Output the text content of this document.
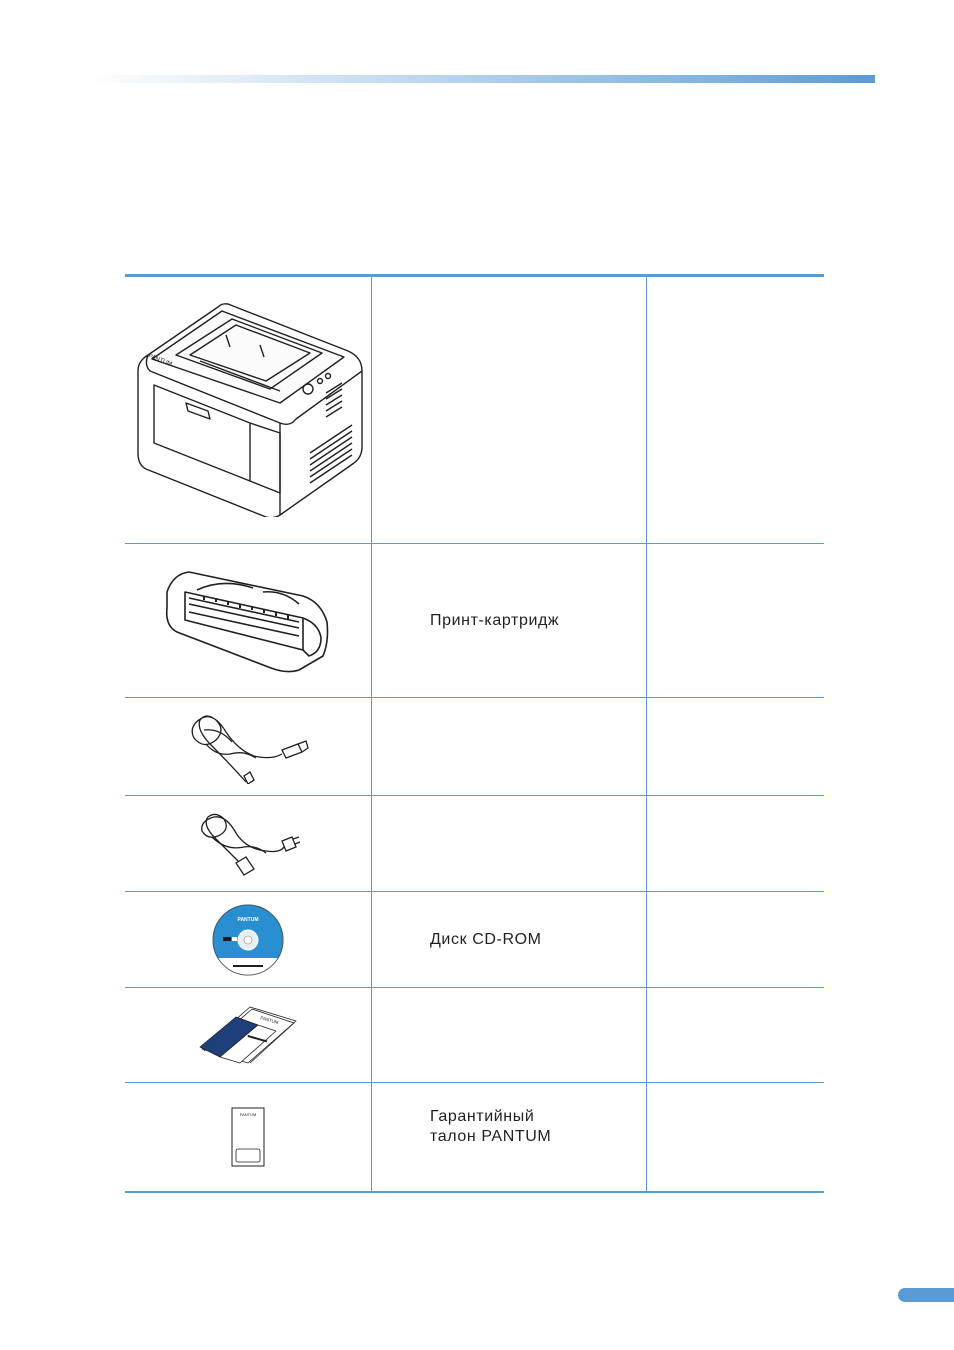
PANTUM
Принт-картридж
PANTUM
Диск CD-ROM
PANTUM
PANTUM	Гарантийный
талон PANTUM
